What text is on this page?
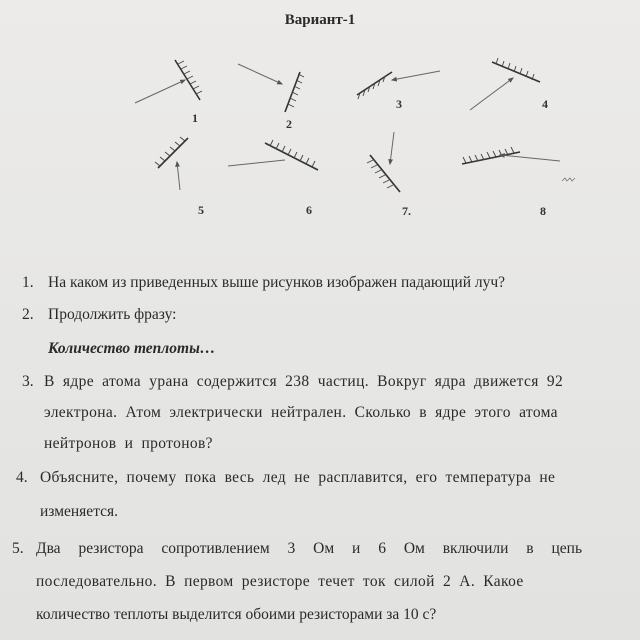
Вариант-1
1	2
3	4
5	6	7.	8
1. На каком из приведенных выше рисунков изображен падающий луч?
2. Продолжить фразу:
Количество теплоты…
3. В ядре атома урана содержится 238 частиц. Вокруг ядра движется 92
электрона. Атом электрически нейтрален. Сколько в ядре этого атома
нейтронов и протонов?
4. Объясните, почему пока весь лед не расплавится, его температура не
изменяется.
5. Два резистора сопротивлением 3 Ом и 6 Ом включили в цепь
последовательно. В первом резисторе течет ток силой 2 А. Какое
количество теплоты выделится обоими резисторами за 10 с?
